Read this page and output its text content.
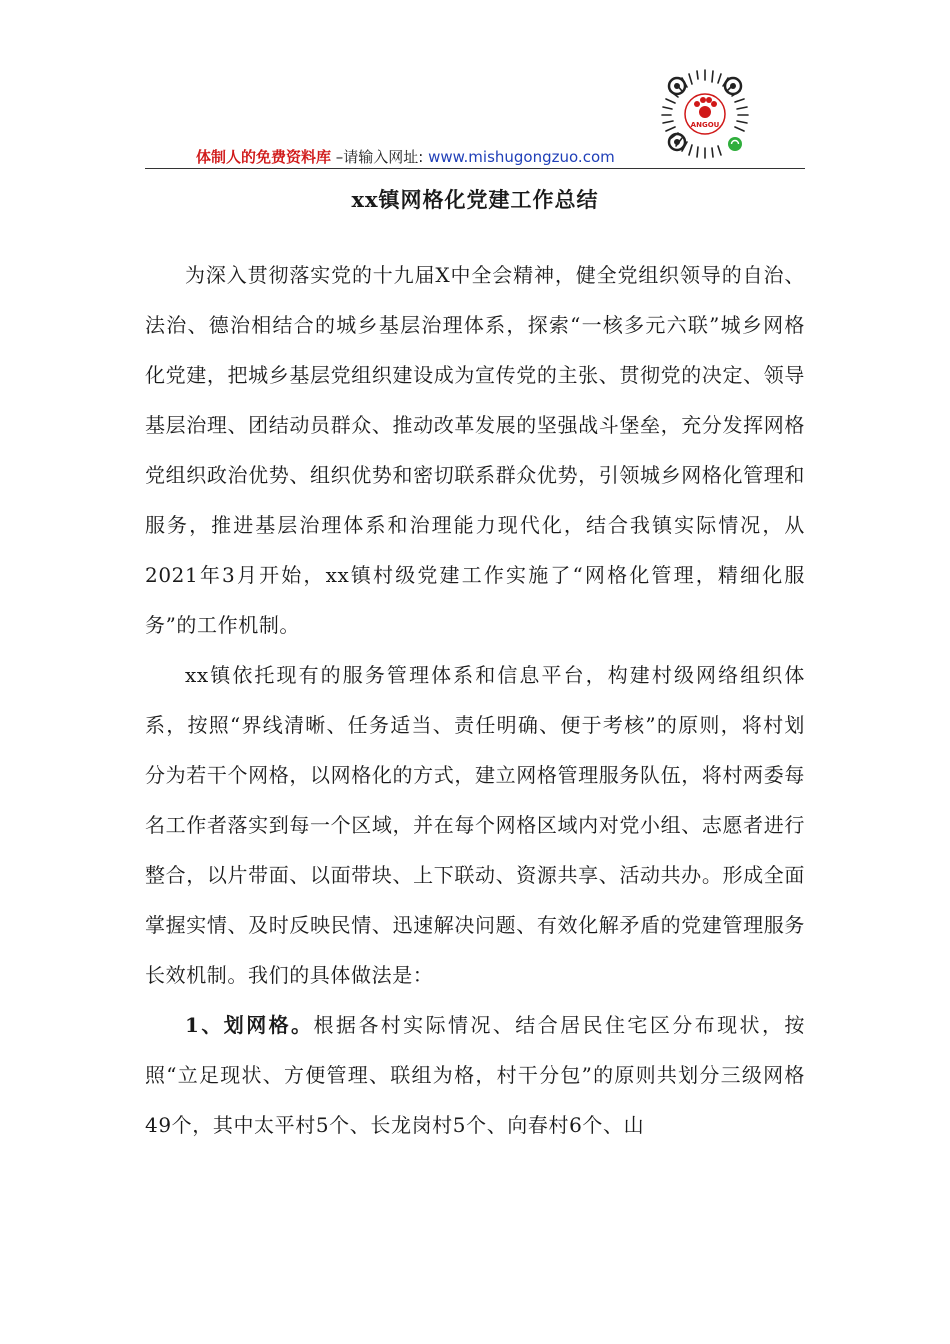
体制人的免费资料库 –请输入网址: www.mishugongzuo.com
ANGOU
xx镇网格化党建工作总结

为深入贯彻落实党的十九届X中全会精神，健全党组织领导的自治、法治、德治相结合的城乡基层治理体系，探索“一核多元六联”城乡网格化党建，把城乡基层党组织建设成为宣传党的主张、贯彻党的决定、领导基层治理、团结动员群众、推动改革发展的坚强战斗堡垒，充分发挥网格党组织政治优势、组织优势和密切联系群众优势，引领城乡网格化管理和服务，推进基层治理体系和治理能力现代化，结合我镇实际情况，从2021年3月开始，xx镇村级党建工作实施了“网格化管理，精细化服务”的工作机制。

xx镇依托现有的服务管理体系和信息平台，构建村级网络组织体系，按照“界线清晰、任务适当、责任明确、便于考核”的原则，将村划分为若干个网格，以网格化的方式，建立网格管理服务队伍，将村两委每名工作者落实到每一个区域，并在每个网格区域内对党小组、志愿者进行整合，以片带面、以面带块、上下联动、资源共享、活动共办。形成全面掌握实情、及时反映民情、迅速解决问题、有效化解矛盾的党建管理服务长效机制。我们的具体做法是：

1、划网格。根据各村实际情况、结合居民住宅区分布现状，按照“立足现状、方便管理、联组为格，村干分包”的原则共划分三级网格49个，其中太平村5个、长龙岗村5个、向春村6个、山
